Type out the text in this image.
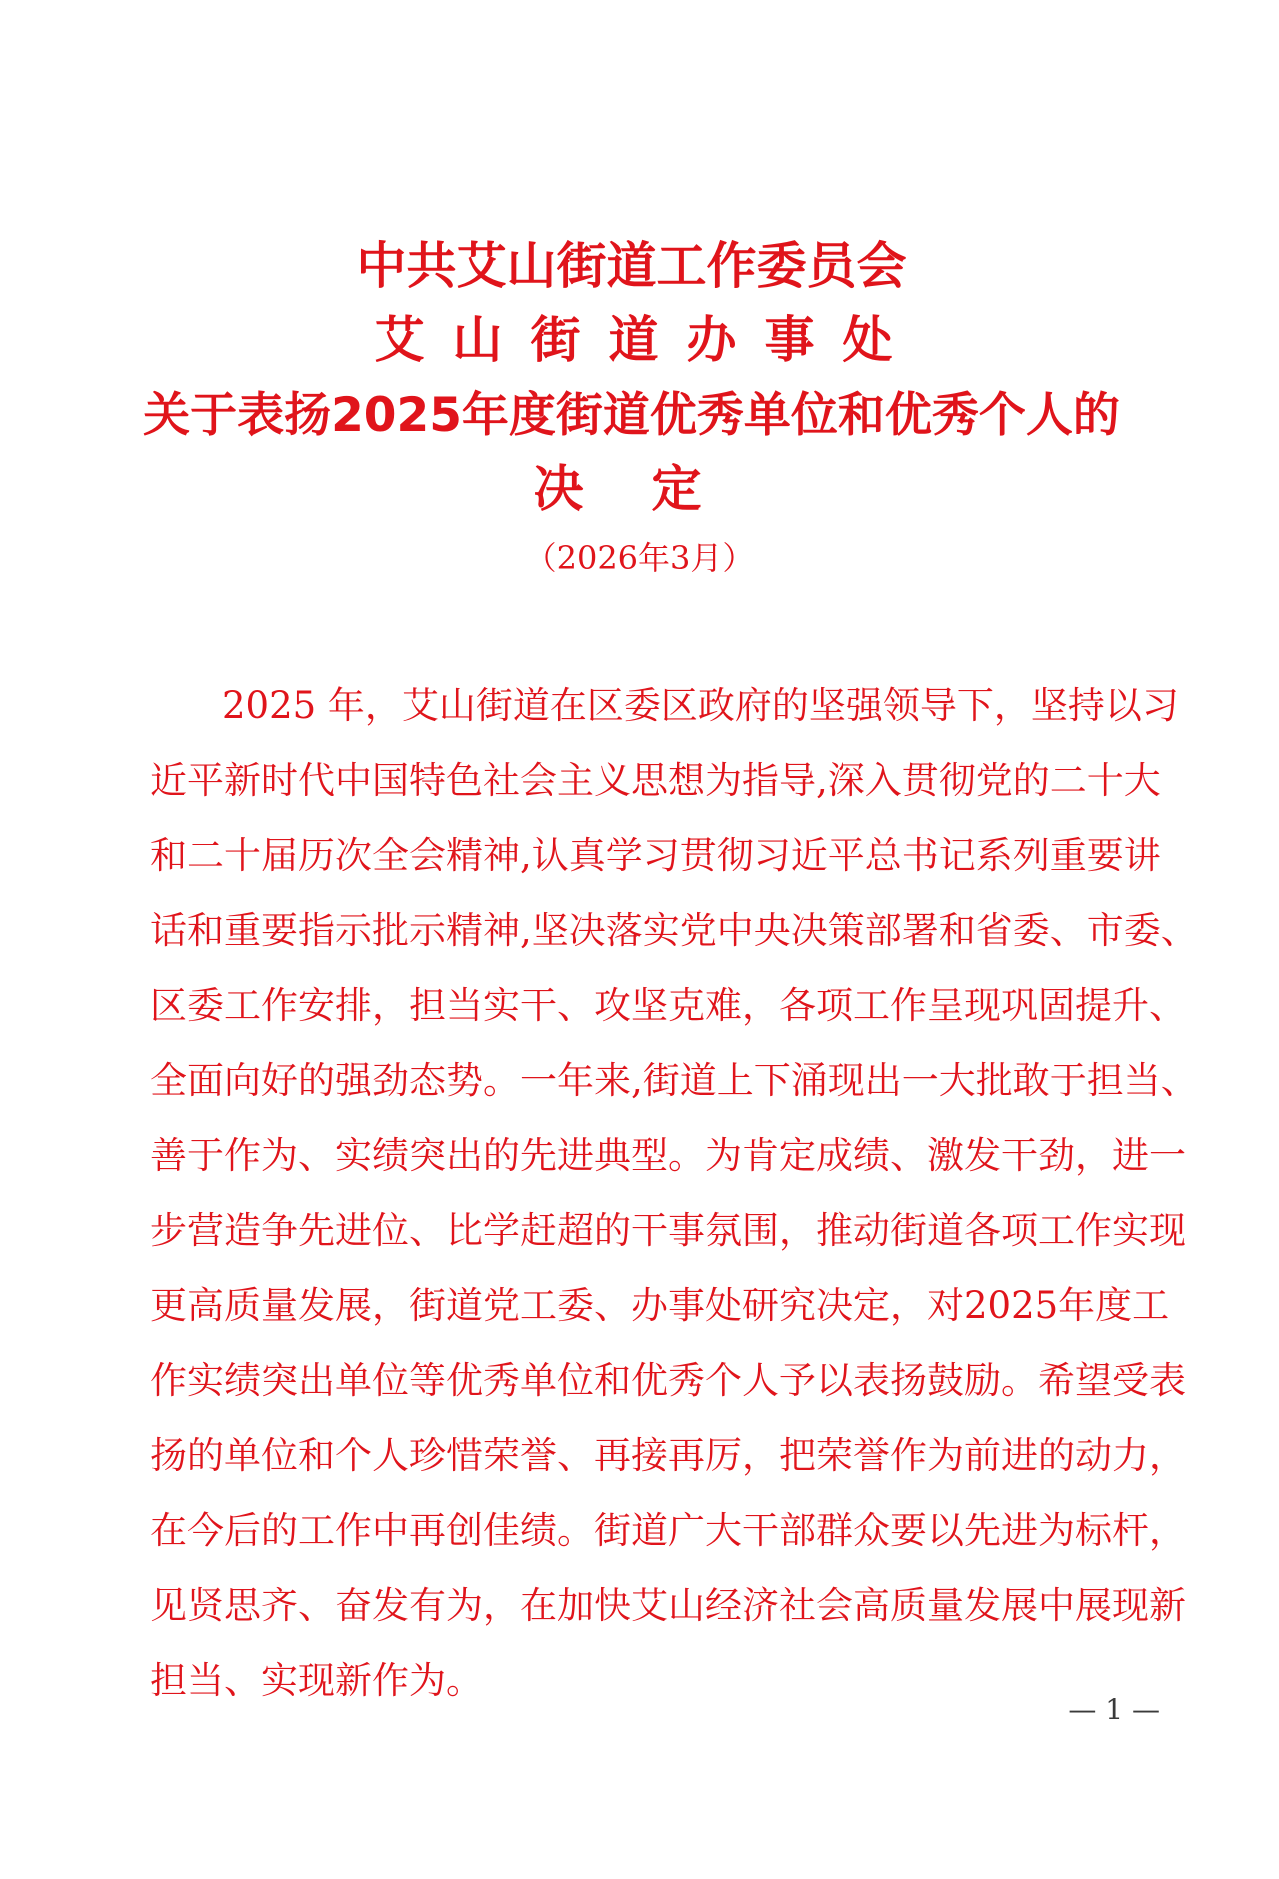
中共艾山街道工作委员会
艾山街道办事处
关于表扬2025年度街道优秀单位和优秀个人的
决定
（2026年3月）
2025 年，艾山街道在区委区政府的坚强领导下，坚持以习
近平新时代中国特色社会主义思想为指导,深入贯彻党的二十大
和二十届历次全会精神,认真学习贯彻习近平总书记系列重要讲
话和重要指示批示精神,坚决落实党中央决策部署和省委、市委、
区委工作安排，担当实干、攻坚克难，各项工作呈现巩固提升、
全面向好的强劲态势。一年来,街道上下涌现出一大批敢于担当、
善于作为、实绩突出的先进典型。为肯定成绩、激发干劲，进一
步营造争先进位、比学赶超的干事氛围，推动街道各项工作实现
更高质量发展，街道党工委、办事处研究决定，对2025年度工
作实绩突出单位等优秀单位和优秀个人予以表扬鼓励。希望受表
扬的单位和个人珍惜荣誉、再接再厉，把荣誉作为前进的动力，
在今后的工作中再创佳绩。街道广大干部群众要以先进为标杆，
见贤思齐、奋发有为，在加快艾山经济社会高质量发展中展现新
担当、实现新作为。
— 1 —
